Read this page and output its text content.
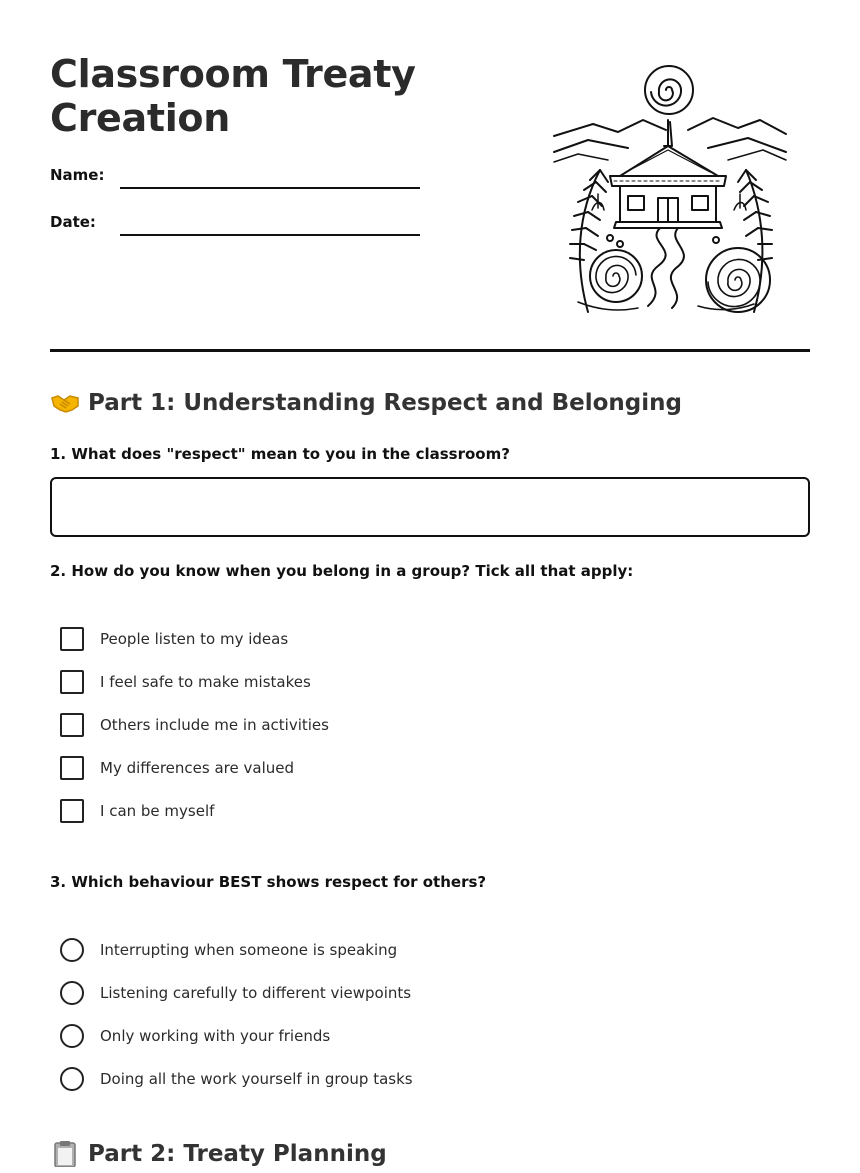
Classroom Treaty Creation
Name:
Date:
Part 1: Understanding Respect and Belonging
1. What does "respect" mean to you in the classroom?
2. How do you know when you belong in a group? Tick all that apply:
People listen to my ideas
I feel safe to make mistakes
Others include me in activities
My differences are valued
I can be myself
3. Which behaviour BEST shows respect for others?
Interrupting when someone is speaking
Listening carefully to different viewpoints
Only working with your friends
Doing all the work yourself in group tasks
Part 2: Treaty Planning
